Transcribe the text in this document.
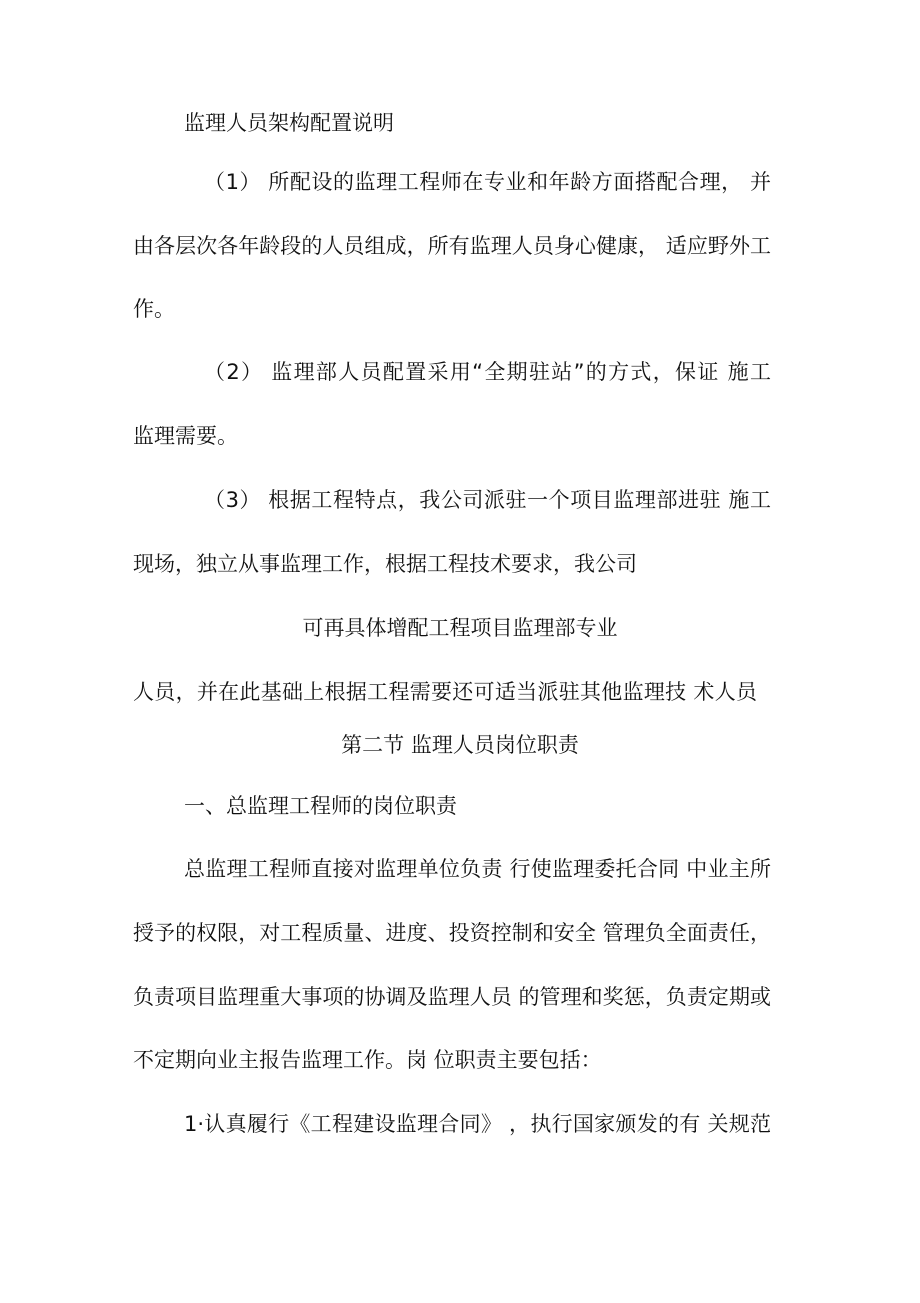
监理人员架构配置说明
（1） 所配设的监理工程师在专业和年龄方面搭配合理， 并
由各层次各年龄段的人员组成，所有监理人员身心健康， 适应野外工
作。
（2） 监理部人员配置采用“全期驻站”的方式，保证 施工
监理需要。
（3） 根据工程特点，我公司派驻一个项目监理部进驻 施工
现场，独立从事监理工作，根据工程技术要求，我公司
可再具体增配工程项目监理部专业
人员，并在此基础上根据工程需要还可适当派驻其他监理技 术人员
第二节 监理人员岗位职责
一、总监理工程师的岗位职责
总监理工程师直接对监理单位负责 行使监理委托合同 中业主所
授予的权限，对工程质量、进度、投资控制和安全 管理负全面责任，
负责项目监理重大事项的协调及监理人员 的管理和奖惩，负责定期或
不定期向业主报告监理工作。岗 位职责主要包括：
1·认真履行《工程建设监理合同》 ，执行国家颁发的有 关规范
